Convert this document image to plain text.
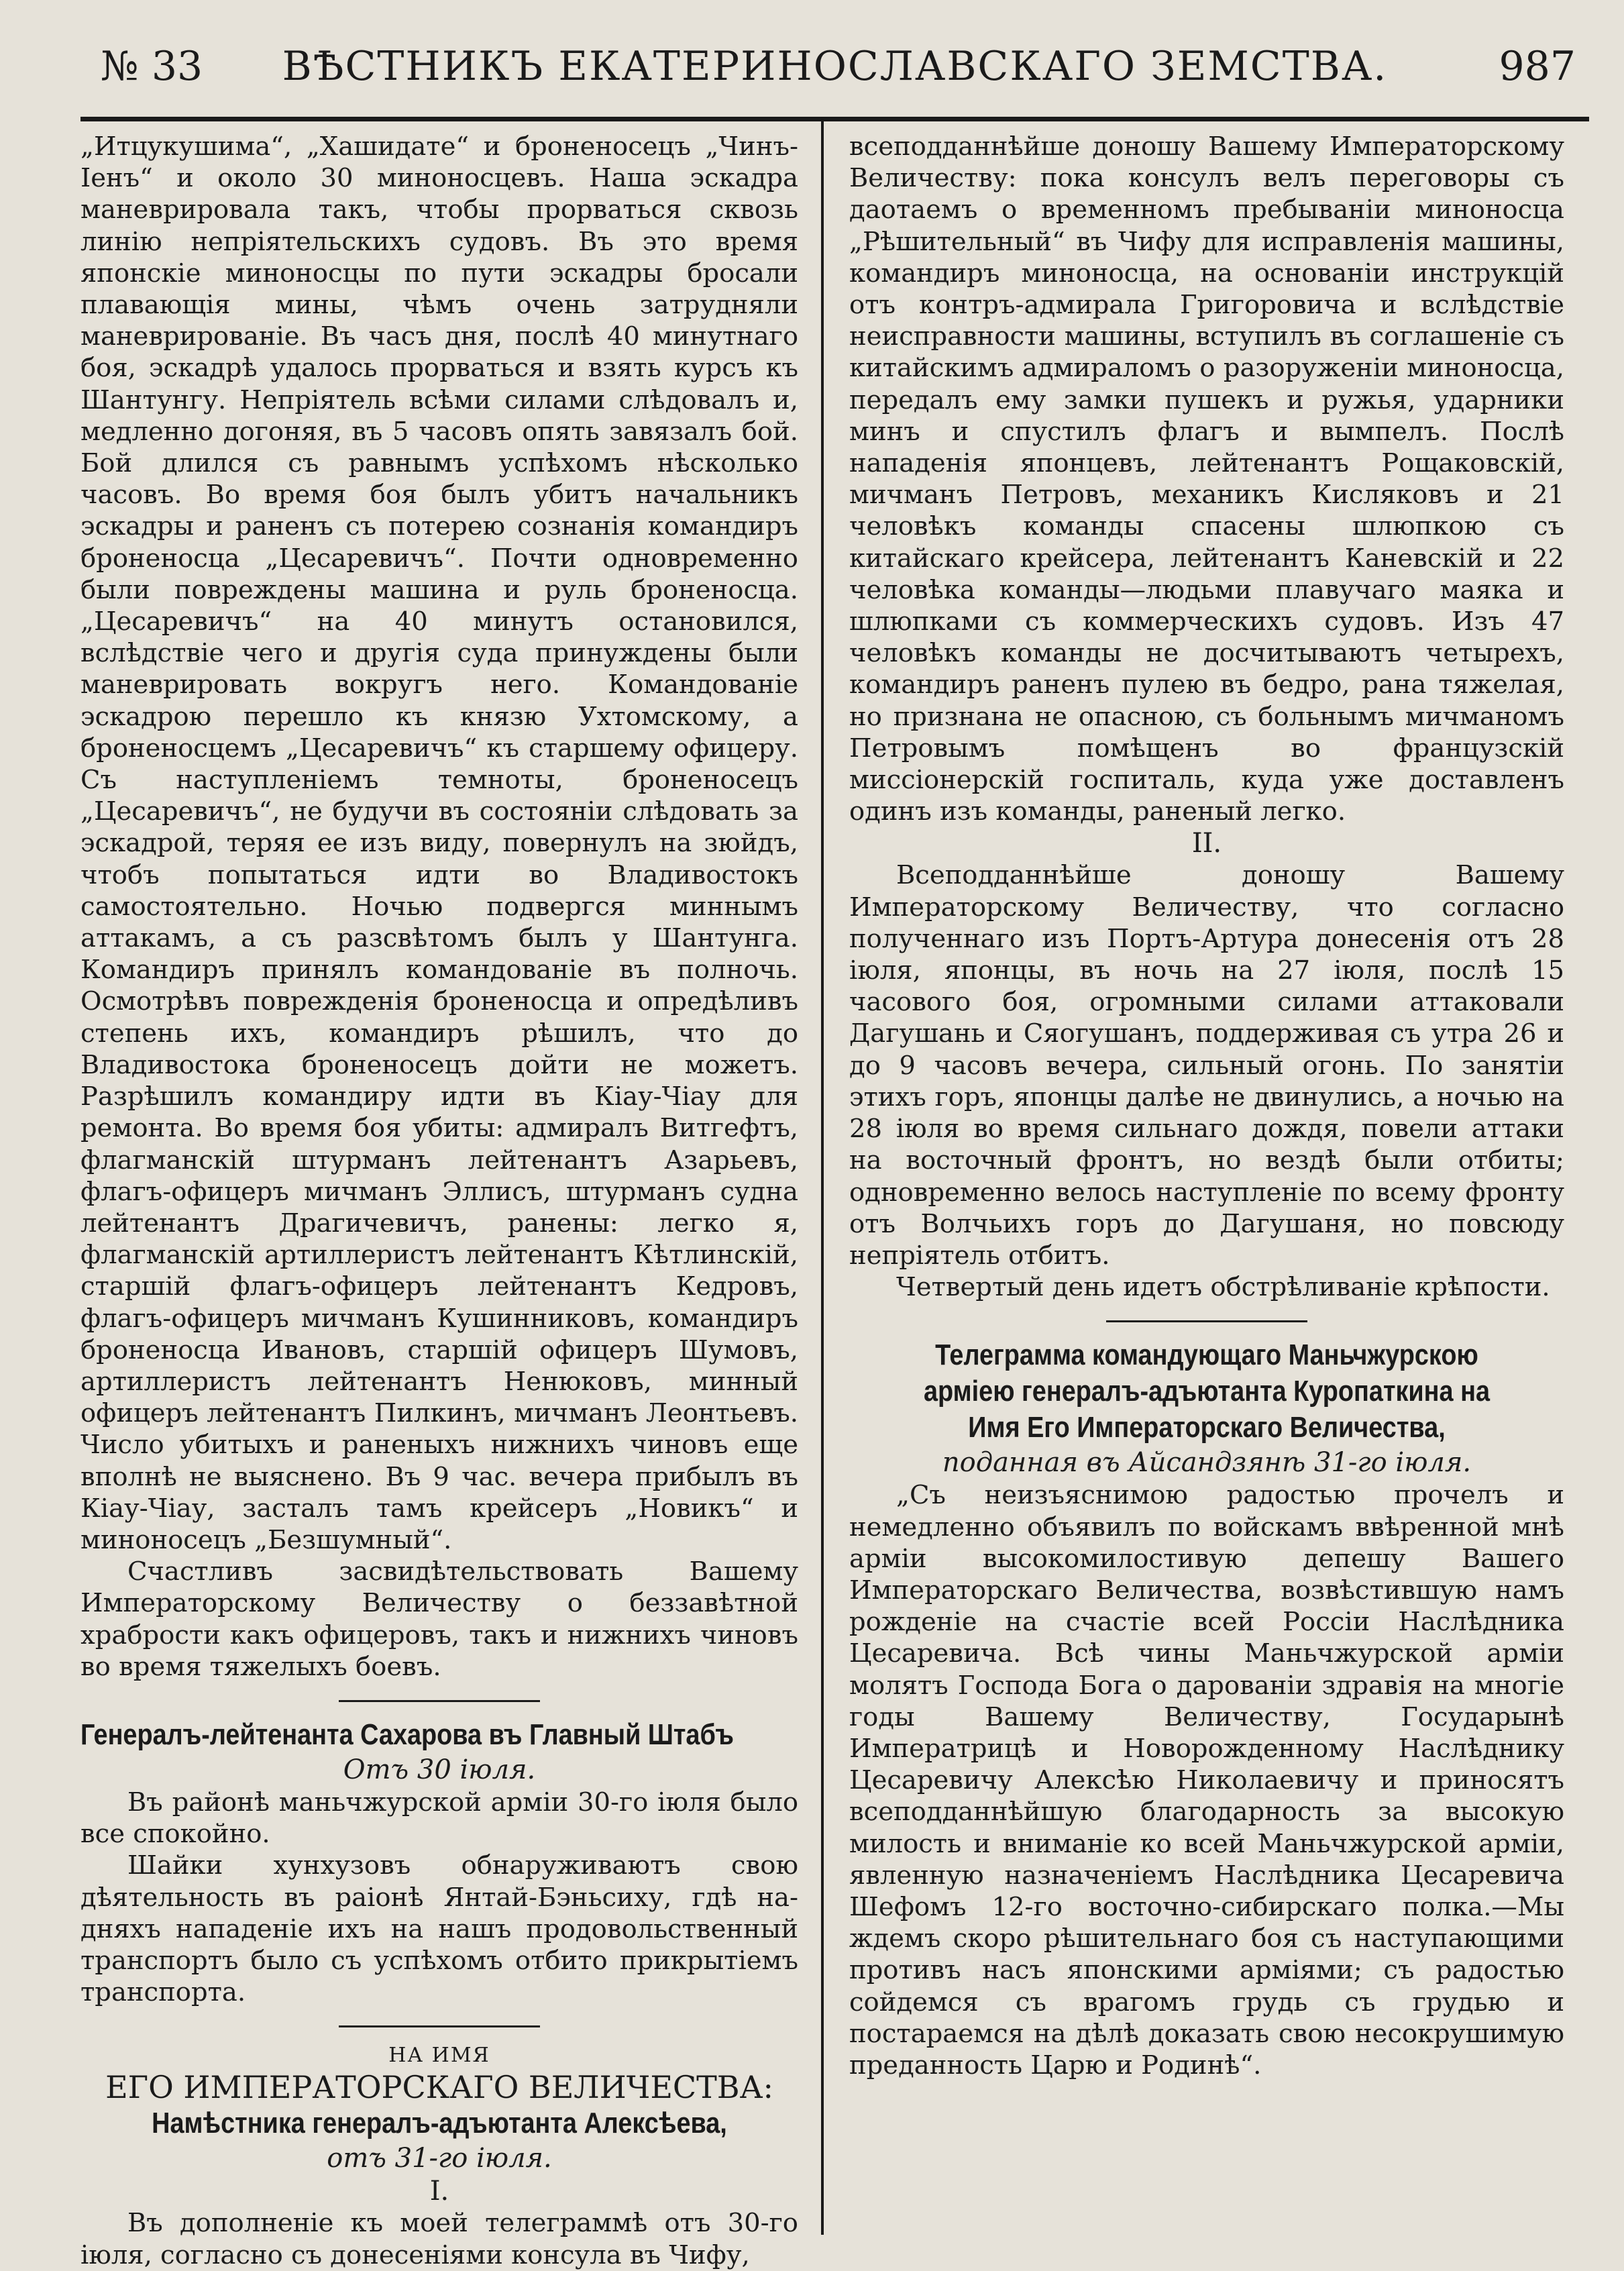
№ 33	ВѢСТНИКЪ ЕКАТЕРИНОСЛАВСКАГО ЗЕМСТВА.	987

„Итцукушима“, „Хашидате“ и броненосецъ „Чинъ-Іенъ“ и около 30 миноносцевъ. Наша эскадра маневрировала такъ, чтобы прорваться сквозь линію непріятельскихъ судовъ. Въ это время японскіе миноносцы по пути эскадры бросали плавающія мины, чѣмъ очень затрудняли маневрированіе. Въ часъ дня, послѣ 40 минутнаго боя, эскадрѣ удалось прорваться и взять курсъ къ Шантунгу. Непріятель всѣми силами слѣдовалъ и, медленно догоняя, въ 5 часовъ опять завязалъ бой. Бой длился съ равнымъ успѣхомъ нѣсколько часовъ. Во время боя былъ убитъ начальникъ эскадры и раненъ съ потерею сознанія командиръ броненосца „Цесаревичъ“. Почти одновременно были повреждены машина и руль броненосца. „Цесаревичъ“ на 40 минутъ остановился, вслѣдствіе чего и другія суда принуждены были маневрировать вокругъ него. Командованіе эскадрою перешло къ князю Ухтомскому, а броненосцемъ „Цесаревичъ“ къ старшему офицеру. Съ наступленіемъ темноты, броненосецъ „Цесаревичъ“, не будучи въ состояніи слѣдовать за эскадрой, теряя ее изъ виду, повернулъ на зюйдъ, чтобъ попытаться идти во Владивостокъ самостоятельно. Ночью подвергся миннымъ аттакамъ, а съ разсвѣтомъ былъ у Шантунга. Командиръ принялъ командованіе въ полночь. Осмотрѣвъ поврежденія броненосца и опредѣливъ степень ихъ, командиръ рѣшилъ, что до Владивостока броненосецъ дойти не можетъ. Разрѣшилъ командиру идти въ Кіау-Чіау для ремонта. Во время боя убиты: адмиралъ Витгефтъ, флагманскій штурманъ лейтенантъ Азарьевъ, флагъ-офицеръ мичманъ Эллисъ, штурманъ судна лейтенантъ Драгичевичъ, ранены: легко я, флагманскій артиллеристъ лейтенантъ Кѣтлинскій, старшій флагъ-офицеръ лейтенантъ Кедровъ, флагъ-офицеръ мичманъ Кушинниковъ, командиръ броненосца Ивановъ, старшій офицеръ Шумовъ, артиллеристъ лейтенантъ Ненюковъ, минный офицеръ лейтенантъ Пилкинъ, мичманъ Леонтьевъ. Число убитыхъ и раненыхъ нижнихъ чиновъ еще вполнѣ не выяснено. Въ 9 час. вечера прибылъ въ Кіау-Чіау, засталъ тамъ крейсеръ „Новикъ“ и миноносецъ „Безшумный“.

Счастливъ засвидѣтельствовать Вашему Императорскому Величеству о беззавѣтной храбрости какъ офицеровъ, такъ и нижнихъ чиновъ во время тяжелыхъ боевъ.

Генералъ-лейтенанта Сахарова въ Главный Штабъ
Отъ 30 іюля.

Въ районѣ маньчжурской арміи 30-го іюля было все спокойно.

Шайки хунхузовъ обнаруживаютъ свою дѣятельность въ раіонѣ Янтай-Бэньсиху, гдѣ на-дняхъ нападеніе ихъ на нашъ продовольственный транспортъ было съ успѣхомъ отбито прикрытіемъ транспорта.

НА ИМЯ
ЕГО ИМПЕРАТОРСКАГО ВЕЛИЧЕСТВА:
Намѣстника генералъ-адъютанта Алексѣева,
отъ 31-го іюля.
I.

Въ дополненіе къ моей телеграммѣ отъ 30-го іюля, согласно съ донесеніями консула въ Чифу,

всеподданнѣйше доношу Вашему Императорскому Величеству: пока консулъ велъ переговоры съ даотаемъ о временномъ пребываніи миноносца „Рѣшительный“ въ Чифу для исправленія машины, командиръ миноносца, на основаніи инструкцій отъ контръ-адмирала Григоровича и вслѣдствіе неисправности машины, вступилъ въ соглашеніе съ китайскимъ адмираломъ о разоруженіи миноносца, передалъ ему замки пушекъ и ружья, ударники минъ и спустилъ флагъ и вымпелъ. Послѣ нападенія японцевъ, лейтенантъ Рощаковскій, мичманъ Петровъ, механикъ Кисляковъ и 21 человѣкъ команды спасены шлюпкою съ китайскаго крейсера, лейтенантъ Каневскій и 22 человѣка команды—людьми плавучаго маяка и шлюпками съ коммерческихъ судовъ. Изъ 47 человѣкъ команды не досчитываютъ четырехъ, командиръ раненъ пулею въ бедро, рана тяжелая, но признана не опасною, съ больнымъ мичманомъ Петровымъ помѣщенъ во французскій миссіонерскій госпиталь, куда уже доставленъ одинъ изъ команды, раненый легко.

II.

Всеподданнѣйше доношу Вашему Императорскому Величеству, что согласно полученнаго изъ Портъ-Артура донесенія отъ 28 іюля, японцы, въ ночь на 27 іюля, послѣ 15 часового боя, огромными силами аттаковали Дагушань и Сяогушанъ, поддерживая съ утра 26 и до 9 часовъ вечера, сильный огонь. По занятіи этихъ горъ, японцы далѣе не двинулись, а ночью на 28 іюля во время сильнаго дождя, повели аттаки на восточный фронтъ, но вездѣ были отбиты; одновременно велось наступленіе по всему фронту отъ Волчьихъ горъ до Дагушаня, но повсюду непріятель отбитъ.

Четвертый день идетъ обстрѣливаніе крѣпости.

Телеграмма командующаго Маньчжурскою арміею генералъ-адъютанта Куропаткина на Имя Его Императорскаго Величества,
поданная въ Айсандзянѣ 31-го іюля.

„Съ неизъяснимою радостью прочелъ и немедленно объявилъ по войскамъ ввѣренной мнѣ арміи высокомилостивую депешу Вашего Императорскаго Величества, возвѣстившую намъ рожденіе на счастіе всей Россіи Наслѣдника Цесаревича. Всѣ чины Маньчжурской арміи молятъ Господа Бога о дарованіи здравія на многіе годы Вашему Величеству, Государынѣ Императрицѣ и Новорожденному Наслѣднику Цесаревичу Алексѣю Николаевичу и приносятъ всеподданнѣйшую благодарность за высокую милость и вниманіе ко всей Маньчжурской арміи, явленную назначеніемъ Наслѣдника Цесаревича Шефомъ 12-го восточно-сибирскаго полка.—Мы ждемъ скоро рѣшительнаго боя съ наступающими противъ насъ японскими арміями; съ радостью сойдемся съ врагомъ грудь съ грудью и постараемся на дѣлѣ доказать свою несокрушимую преданность Царю и Родинѣ“.
